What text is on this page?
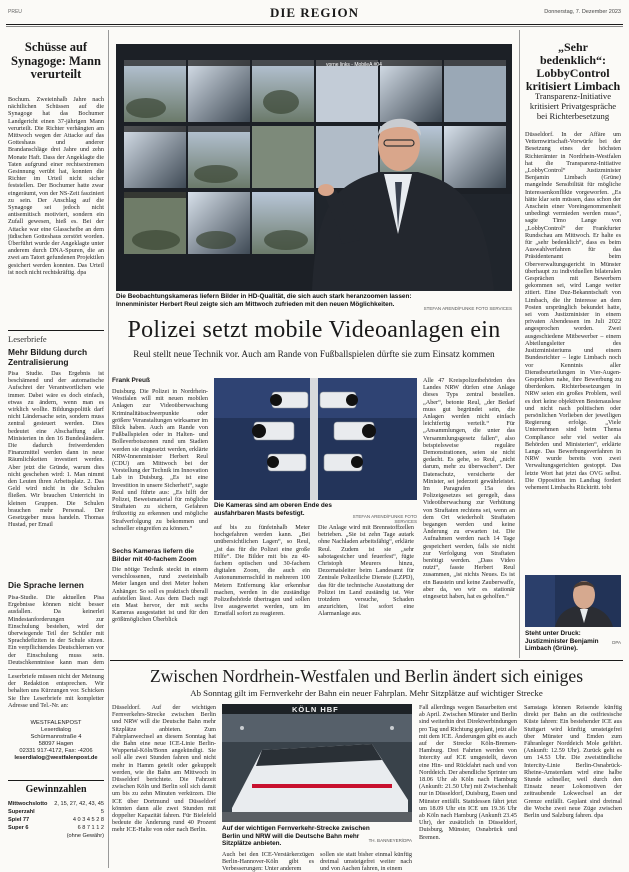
PREU	DIE REGION	Donnerstag, 7. Dezember 2023
Schüsse auf Synagoge: Mann verurteilt
Bochum. Zweieinhalb Jahre nach nächtlichen Schüssen auf die Synagoge hat das Bochumer Landgericht einen 37-jährigen Mann verurteilt. Die Richter verhängten am Mittwoch wegen der Attacke auf das Gotteshaus und anderer Brandanschläge drei Jahre und zehn Monate Haft. Dass der Angeklagte die Taten aufgrund einer rechtsextremen Gesinnung verübt hat, konnten die Richter im Urteil nicht sicher feststellen. Der Bochumer hatte zwar eingeräumt, von der NS-Zeit fasziniert zu sein. Der Anschlag auf die Synagoge sei jedoch nicht antisemitisch motiviert, sondern ein Zufall gewesen, hieß es. Bei der Attacke war eine Glasscheibe an dem jüdischen Gotteshaus zerstört worden. Überführt wurde der Angeklagte unter anderem durch DNA-Spuren, die an zwei am Tatort gefundenen Projektilen gesichert werden konnten. Das Urteil ist noch nicht rechtskräftig. dpa
Leserbriefe
Mehr Bildung durch Zentralisierung
Pisa Studie. Das Ergebnis ist beschämend und der automatische Aufschrei der Verantwortlichen wie immer. Dabei wäre es doch einfach, etwas zu ändern, wenn man es wirklich wollte. Bildungspolitik darf nicht Ländersache sein, sondern muss zentral gesteuert werden. Dies bedeutet eine Abschaffung aller Ministerien in den 16 Bundesländern. Die dadurch freiwerdenden Finanzmittel werden dann in neue Räumlichkeiten investiert werden. Aber jetzt die Gründe, warum dies nicht geschehen wird: 1. Man nimmt den Leuten ihren Arbeitsplatz. 2. Das Geld wird nicht in die Schulen fließen. Wir brauchen Unterricht in kleinen Gruppen. Die Schulen brauchen mehr Personal. Der Gesetzgeber muss handeln. Thomas Hustad, per Email
Die Sprache lernen
Pisa-Studie. Die aktuellen Pisa Ergebnisse können nicht besser ausfallen. Da keinerlei Mindestanforderungen zur Einschulung bestehen, wird der überwiegende Teil der Schüler mit Sprachdefiziten in der Schule sitzen. Ein verpflichtendes Deutschlernen vor der Einschulung muss sein. Deutschkenntnisse kann man dem
Leserbriefe müssen nicht der Meinung der Redaktion entsprechen. Wir behalten uns Kürzungen vor. Schicken Sie Ihre Leserbriefe mit kompletter Adresse und Tel.-Nr. an:
WESTFALENPOST
Leserdialog
Schürmannstraße 4
58097 Hagen
02331 917-4172, Fax: -4206
leserdialog@westfalenpost.de
Gewinnzahlen
Mittwochslotto 2, 15, 27, 42, 43, 45
Superzahl	5
Spiel 77	4 0 3 4 5 2 8
Super 6	6 8 7 1 1 2
(ohne Gewähr)
vorne links - MobileA #04
Die Beobachtungskameras liefern Bilder in HD-Qualität, die sich auch stark heranzoomen lassen: Innenminister Herbert Reul zeigte sich am Mittwoch zufrieden mit den neuen Möglichkeiten.
STEFAN AREND/FUNKE FOTO SERVICES
Polizei setzt mobile Videoanlagen ein
Reul stellt neue Technik vor. Auch am Rande von Fußballspielen dürfte sie zum Einsatz kommen
Frank Preuß
Duisburg. Die Polizei in Nordrhein-Westfalen will mit neuen mobilen Anlagen zur Videoüberwachung Kriminalitätsschwerpunkte oder größere Veranstaltungen wirksamer im Blick haben. Auch am Rande von Fußballspielen oder in Halten- und Bolleverbotszonen rund um Stadien werden sie eingesetzt werden, erklärte NRW-Innenminister Herbert Reul (CDU) am Mittwoch bei der Vorstellung der Technik im Innovation Lab in Duisburg. „Es ist eine Investition in unsere Sicherheit“, sagte Reul und führte aus: „Es hilft der Polizei, Beweismaterial für mögliche Straftaten zu sichern, Gefahren frühzeitig zu erkennen und mögliche Strafverfolgung zu bekommen und schneller eingreifen zu können.“
Sechs Kameras liefern die Bilder mit 40-fachem Zoom
Die nötige Technik steckt in einem verschlossenen, rund zweieinhalb Meter langen und drei Meter hohen Anhänger. So soll es praktisch überall aufstellen lässt. Aus dem Dach ragt ein Mast hervor, der mit sechs Kameras ausgestattet ist und für den größtmöglichen Überblick
Die Kameras sind am oberen Ende des ausfahrbaren Masts befestigt.	STEFAN AREND/FUNKE FOTO SERVICES
auf bis zu fünfeinhalb Meter hochgefahren werden kann. „Bei unübersichtlichen Lagen“, so Reul, „ist das für die Polizei eine große Hilfe“. Die Bilder mit bis zu 40-fachem optischen und 30-fachem digitalen Zoom, die auch ein Autonummernschild in mehreren 100 Metern Entfernung klar erkennbar machen, werden in die zuständige Polizeibehörde übertragen und sollen live ausgewertet werden, um im Ernstfall sofort zu reagieren.
Die Anlage wird mit Brennstoffzellen betrieben. „Sie ist zehn Tage autark ohne Nachladen arbeitsfähig“, erklärte Reul. Zudem ist sie „sehr sabotagesicher und feuerfest“, fügte Christoph Meurers hinzu, Dezernatsleiter beim Landesamt für Zentrale Polizeiliche Dienste (LZPD), das für die technische Ausstattung der Polizei im Land zuständig ist. Wer trotzdem versuche, Schaden anzurichten, löst sofort eine Alarmanlage aus.
Alle 47 Kreispolizeibehörden des Landes NRW dürfen eine Anlage dieses Typs zentral bestellen. „Aber“, betonte Reul, „der Bedarf muss gut begründet sein, die Anlagen werden nicht einfach leichtfertig verteilt.“ Für „Ansammlungen, die unter das Versammlungsgesetz fallen“, also beispielsweise reguläre Demonstrationen, seien sie nicht gedacht. Es gehe, so Reul, „nicht darum, mehr zu überwachen“. Der Datenschutz, versicherte der Minister, sei jederzeit gewährleistet. Im Paragrafen 15a des Polizeigesetzes sei geregelt, dass Videoüberwachung zur Verhütung von Straftaten rechtens sei, wenn an dem Ort wiederholt Straftaten begangen werden und keine Änderung zu erwarten ist. Die Aufnahmen werden nach 14 Tage gespeichert werden, falls sie nicht zur Verfolgung von Straftaten benötigt werden. „Dass Video nutzt“, fasste Herbert Reul zusammen, „ist nichts Neues. Es ist ein Baustein und keine Zauberwaffe, aber da, wo wir es stationär eingesetzt haben, hat es geholfen.“
„Sehr bedenklich“: LobbyControl kritisiert Limbach
Transparenz-Initiative kritisiert Privatgespräche bei Richterbesetzung
Düsseldorf. In der Affäre um Vetternwirtschaft-Vorwürfe bei der Besetzung eines der höchsten Richterämter in Nordrhein-Westfalen hat die Transparenz-Initiative „LobbyControl“ Justizminister Benjamin Limbach (Grüne) mangelnde Sensibilität für mögliche Interessenkonflikte vorgeworfen. „Es hätte klar sein müssen, dass schon der Anschein einer Voreingenommenheit unbedingt vermieden werden muss“, sagte Timo Lange von „LobbyControl“ der Frankfurter Rundschau am Mittwoch. Er halte es für „sehr bedenklich“, dass es beim Auswahlverfahren für das Präsidentenamt beim Oberverwaltungsgericht in Münster überhaupt zu individuellen bilateralen Gesprächen mit Bewerbern gekommen sei, wird Lange weiter zitiert. Eine Duz-Bekanntschaft von Limbach, die ihr Interesse an dem Posten ursprünglich bekundet hatte, sei vom Justizminister in einem privaten Abendessen im Juli 2022 angesprochen worden. Zwei ausgeschiedene Mitbewerber – einem Abteilungsleiter des Justizministeriums und einem Bundesrichter – legte Limbach noch vor Kenntnis aller Dienstbeurteilungen in Vier-Augen-Gesprächen nahe, ihre Bewerbung zu überdenken. Richterbesetzungen in NRW seien ein großes Problem, weil es dort keine objektiven Bestenauslese und nicht nach politischen oder persönlichen Vorlieben der jeweiligen Regierung erfolge. „Viele Unternehmen sind beim Thema Compliance sehr viel weiter als Behörden und Ministerien“, erklärte Lange. Das Bewerbungsverfahren in NRW wurde bereits von zwei Verwaltungsgerichten gestoppt. Das letzte Wort hat jetzt das OVG selbst. Die Opposition im Landtag fordert vehement Limbachs Rücktritt. tobi
Steht unter Druck: Justizminister Benjamin Limbach (Grüne).
DPA
Zwischen Nordrhein-Westfalen und Berlin ändert sich einiges
Ab Sonntag gilt im Fernverkehr der Bahn ein neuer Fahrplan. Mehr Sitzplätze auf wichtiger Strecke
Düsseldorf. Auf der wichtigen Fernverkehrs-Strecke zwischen Berlin und NRW will die Deutsche Bahn mehr Sitzplätze anbieten. Zum Fahrplanwechsel an diesem Sonntag hat die Bahn eine neue ICE-Linie Berlin-Wuppertal-Köln/Bonn angekündigt. Sie soll alle zwei Stunden fahren und nicht mehr in Hamm geteilt oder gekuppelt werden, wie die Bahn am Mittwoch in Düsseldorf berichtete. Die Fahrzeit zwischen Köln und Berlin soll sich damit um bis zu zehn Minuten verkürzen. Die ICE über Dortmund und Düsseldorf könnten dann alle zwei Stunden mit doppelter Kapazität fahren. Für Bielefeld bedeute die Änderung rund 40 Prozent mehr ICE-Halte von oder nach Berlin.
KÖLN HBF
Auf der wichtigen Fernverkehr-Strecke zwischen Berlin und NRW will die Deutsche Bahn mehr Sitzplätze anbieten.	TH. BANNEYER/DPA
Auch bei den ICE-Verstärkerzügen Berlin-Hannover-Köln gibt es Verbesserungen: Unter anderem
sollen sie statt bisher einmal künftig dreimal umsteigefrei weiter nach und von Aachen fahren, in einem
Fall allerdings wegen Bauarbeiten erst ab April. Zwischen Münster und Berlin sind weiterhin drei Direktverbindungen pro Tag und Richtung geplant, jetzt alle mit dem ICE. Änderungen gibt es auch auf der Strecke Köln-Bremen-Hamburg. Drei Fahrten werden von Intercity auf ICE umgestellt, davon eine Hin- und Rückfahrt nach und von Norddeich. Der abendliche Sprinter um 18.06 Uhr ab Köln nach Hamburg (Ankunft: 21.50 Uhr) mit Zwischenhalt nur in Düsseldorf, Duisburg, Essen und Münster entfällt. Stattdessen fährt jetzt um 18.09 Uhr ein ICE um 19.36 Uhr ab Köln nach Hamburg (Ankunft 23.45 Uhr), der zusätzlich in Düsseldorf, Duisburg, Münster, Osnabrück und Bremen.
Samstags können Reisende künftig direkt per Bahn an die ostfriesische Küste fahren: Ein bestehender ICE aus Stuttgart wird künftig umsteigefrei über Münster und Emden zum Fähranleger Norddeich Mole geführt. (Ankunft: 12.59 Uhr). Zurück geht es um 14.53 Uhr. Die zweistündliche Intercity-Linie Berlin-Osnabrück-Rheine-Amsterdam wird eine halbe Stunde schneller, weil durch den Einsatz neuer Lokomotiven der zeitraubende Lokwechsel an der Grenze entfällt. Geplant sind dreimal die Woche zwei neue Züge zwischen Berlin und Salzburg fahren. dpa
